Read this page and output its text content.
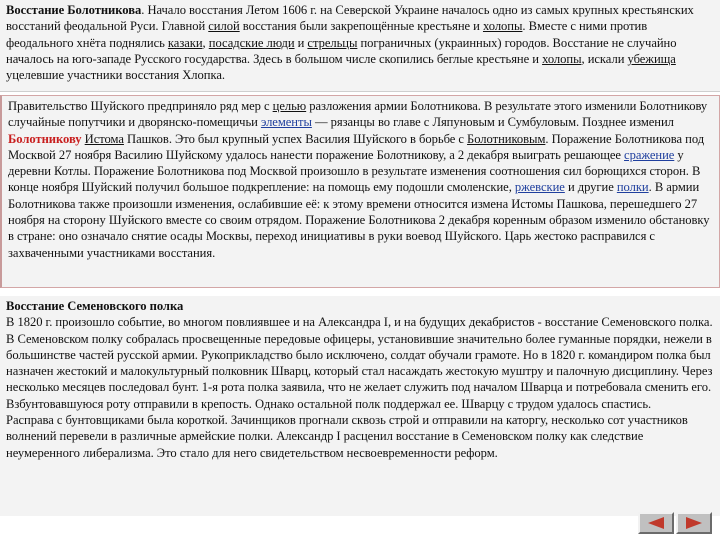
Восстание Болотникова. Начало восстания Летом 1606 г. на Северской Украине началось одно из самых крупных крестьянских восстаний феодальной Руси. Главной силой восстания были закрепощённые крестьяне и холопы. Вместе с ними против феодального хнёта поднялись казаки, посадские люди и стрельцы пограничных (украинных) городов. Восстание не случайно началось на юго-западе Русского государства. Здесь в большом числе скопились беглые крестьяне и холопы, искали убежища уцелевшие участники восстания Хлопка.
Правительство Шуйского предприняло ряд мер с целью разложения армии Болотникова. В результате этого изменили Болотникову случайные попутчики и дворянско-помещичьи элементы — рязанцы во главе с Ляпуновым и Сумбуловым. Позднее изменил Болотникову Истома Пашков. Это был крупный успех Василия Шуйского в борьбе с Болотниковым. Поражение Болотникова под Москвой 27 ноября Василию Шуйскому удалось нанести поражение Болотникову, а 2 декабря выиграть решающее сражение у деревни Котлы. Поражение Болотникова под Москвой произошло в результате изменения соотношения сил борющихся сторон. В конце ноября Шуйский получил большое подкрепление: на помощь ему подошли смоленские, ржевские и другие полки. В армии Болотникова также произошли изменения, ослабившие её: к этому времени относится измена Истомы Пашкова, перешедшего 27 ноября на сторону Шуйского вместе со своим отрядом. Поражение Болотникова 2 декабря коренным образом изменило обстановку в стране: оно означало снятие осады Москвы, переход инициативы в руки воевод Шуйского. Царь жестоко расправился с захваченными участниками восстания.
Восстание Семеновского полка
В 1820 г. произошло событие, во многом повлиявшее и на Александра I, и на будущих декабристов - восстание Семеновского полка. В Семеновском полку собралась просвещенные передовые офицеры, установившие значительно более гуманные порядки, нежели в большинстве частей русской армии. Рукоприкладство было исключено, солдат обучали грамоте. Но в 1820 г. командиром полка был назначен жестокий и малокультурный полковник Шварц, который стал насаждать жестокую муштру и палочную дисциплину. Через несколько месяцев последовал бунт. 1-я рота полка заявила, что не желает служить под началом Шварца и потребовала сменить его. Взбунтовавшуюся роту отправили в крепость. Однако остальной полк поддержал ее. Шварцу с трудом удалось спастись.
Расправа с бунтовщиками была короткой. Зачинщиков прогнали сквозь строй и отправили на каторгу, несколько сот участников волнений перевели в различные армейские полки. Александр I расценил восстание в Семеновском полку как следствие неумеренного либерализма. Это стало для него свидетельством несвоевременности реформ.
